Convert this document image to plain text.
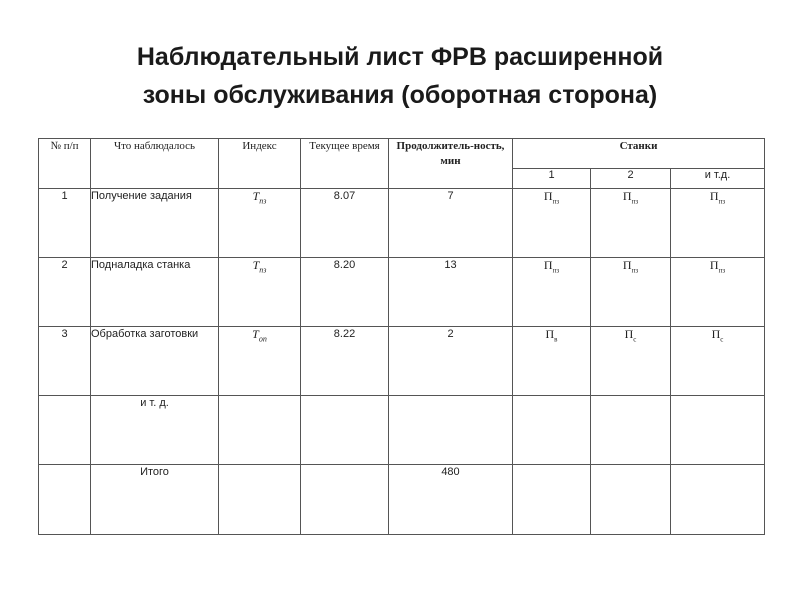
Наблюдательный лист ФРВ расширенной
зоны обслуживания (оборотная сторона)
№ п/п	Что наблюдалось	Индекс	Текущее время	Продолжитель-ность, мин	Станки		
					1	2	и т.д.
1	Получение задания	$Т_{пз}$	8.07	7	$П_{пз}$	$П_{пз}$	$П_{пз}$
2	Подналадка станка	$Т_{пз}$	8.20	13	$П_{пз}$	$П_{пз}$	$П_{пз}$
3	Обработка заготовки	$Т_{оп}$	8.22	2	$П_в$	$П_с$	$П_с$
	и т. д.						
	Итого			480			
